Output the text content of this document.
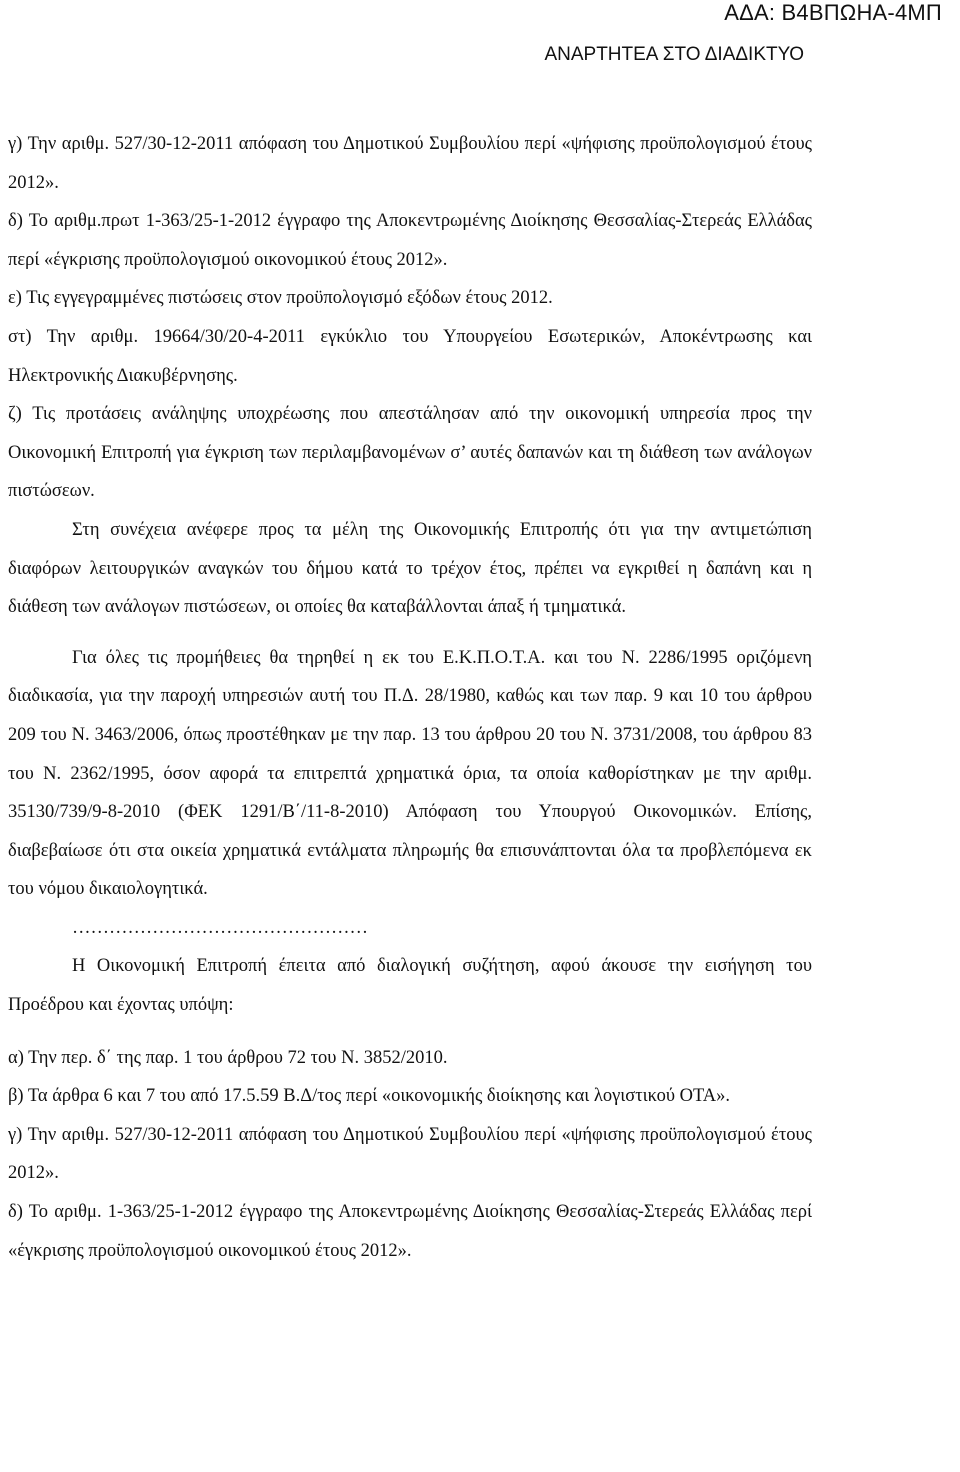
ΑΔΑ: Β4ΒΠΩΗΑ-4ΜΠ
ΑΝΑΡΤΗΤΕΑ ΣΤΟ ΔΙΑΔΙΚΤΥΟ

γ) Την αριθμ. 527/30-12-2011 απόφαση του Δημοτικού Συμβουλίου περί «ψήφισης προϋπολογισμού έτους 2012».

δ) Το αριθμ.πρωτ 1-363/25-1-2012 έγγραφο της Αποκεντρωμένης Διοίκησης Θεσσαλίας-Στερεάς Ελλάδας περί «έγκρισης προϋπολογισμού οικονομικού έτους 2012».

ε) Τις εγγεγραμμένες πιστώσεις στον προϋπολογισμό εξόδων έτους 2012.

στ) Την αριθμ. 19664/30/20-4-2011 εγκύκλιο του Υπουργείου Εσωτερικών, Αποκέντρωσης και Ηλεκτρονικής Διακυβέρνησης.

ζ) Τις προτάσεις ανάληψης υποχρέωσης που απεστάλησαν από την οικονομική υπηρεσία προς την Οικονομική Επιτροπή για έγκριση των περιλαμβανομένων σ’ αυτές δαπανών και τη διάθεση των ανάλογων πιστώσεων.

Στη συνέχεια ανέφερε προς τα μέλη της Οικονομικής Επιτροπής ότι για την αντιμετώπιση διαφόρων λειτουργικών αναγκών του δήμου κατά το τρέχον έτος, πρέπει να εγκριθεί η δαπάνη και η διάθεση των ανάλογων πιστώσεων, οι οποίες θα καταβάλλονται άπαξ ή τμηματικά.

Για όλες τις προμήθειες θα τηρηθεί η εκ του Ε.Κ.Π.Ο.Τ.Α. και του Ν. 2286/1995 οριζόμενη διαδικασία, για την παροχή υπηρεσιών αυτή του Π.Δ. 28/1980, καθώς και των παρ. 9 και 10 του άρθρου 209 του Ν. 3463/2006, όπως προστέθηκαν με την παρ. 13 του άρθρου 20 του Ν. 3731/2008, του άρθρου 83 του Ν. 2362/1995, όσον αφορά τα επιτρεπτά χρηματικά όρια, τα οποία καθορίστηκαν με την αριθμ. 35130/739/9-8-2010 (ΦΕΚ 1291/Β΄/11-8-2010) Απόφαση του Υπουργού Οικονομικών. Επίσης, διαβεβαίωσε ότι στα οικεία χρηματικά εντάλματα πληρωμής θα επισυνάπτονται όλα τα προβλεπόμενα εκ του νόμου δικαιολογητικά.

…………………………………………

Η Οικονομική Επιτροπή έπειτα από διαλογική συζήτηση, αφού άκουσε την εισήγηση του Προέδρου και έχοντας υπόψη:

α) Την περ. δ΄ της παρ. 1 του άρθρου 72 του Ν. 3852/2010.

β) Τα άρθρα 6 και 7 του από 17.5.59 Β.Δ/τος περί «οικονομικής διοίκησης και λογιστικού ΟΤΑ».

γ) Την αριθμ. 527/30-12-2011 απόφαση του Δημοτικού Συμβουλίου περί «ψήφισης προϋπολογισμού έτους 2012».

δ) Το αριθμ. 1-363/25-1-2012 έγγραφο της Αποκεντρωμένης Διοίκησης Θεσσαλίας-Στερεάς Ελλάδας περί «έγκρισης προϋπολογισμού οικονομικού έτους 2012».
